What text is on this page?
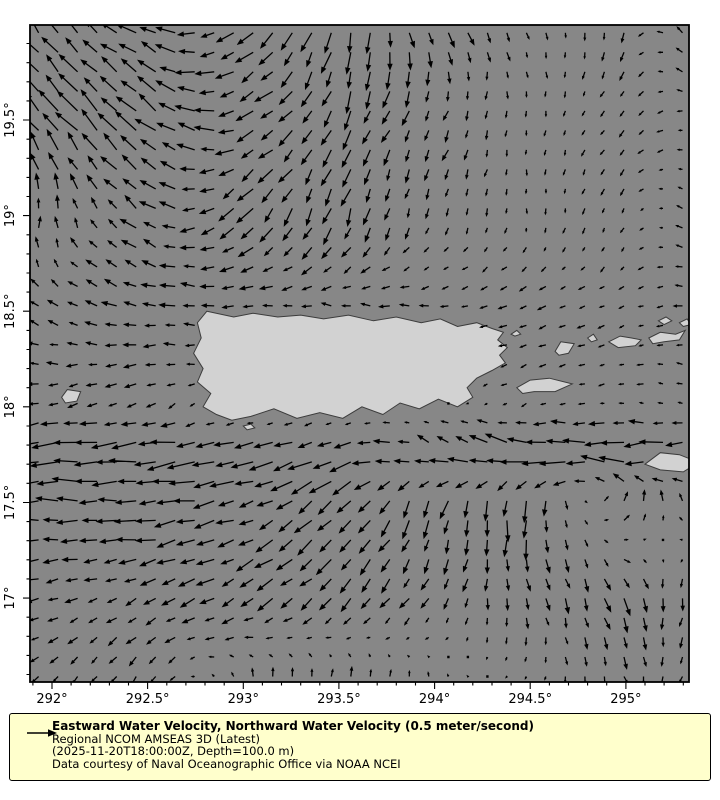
292°	292.5°	293°	293.5°	294°	294.5°	295°
17°
17.5°
18°
18.5°
19°
19.5°
Eastward Water Velocity, Northward Water Velocity (0.5 meter/second)
Regional NCOM AMSEAS 3D (Latest)
(2025-11-20T18:00:00Z, Depth=100.0 m)
Data courtesy of Naval Oceanographic Office via NOAA NCEI
